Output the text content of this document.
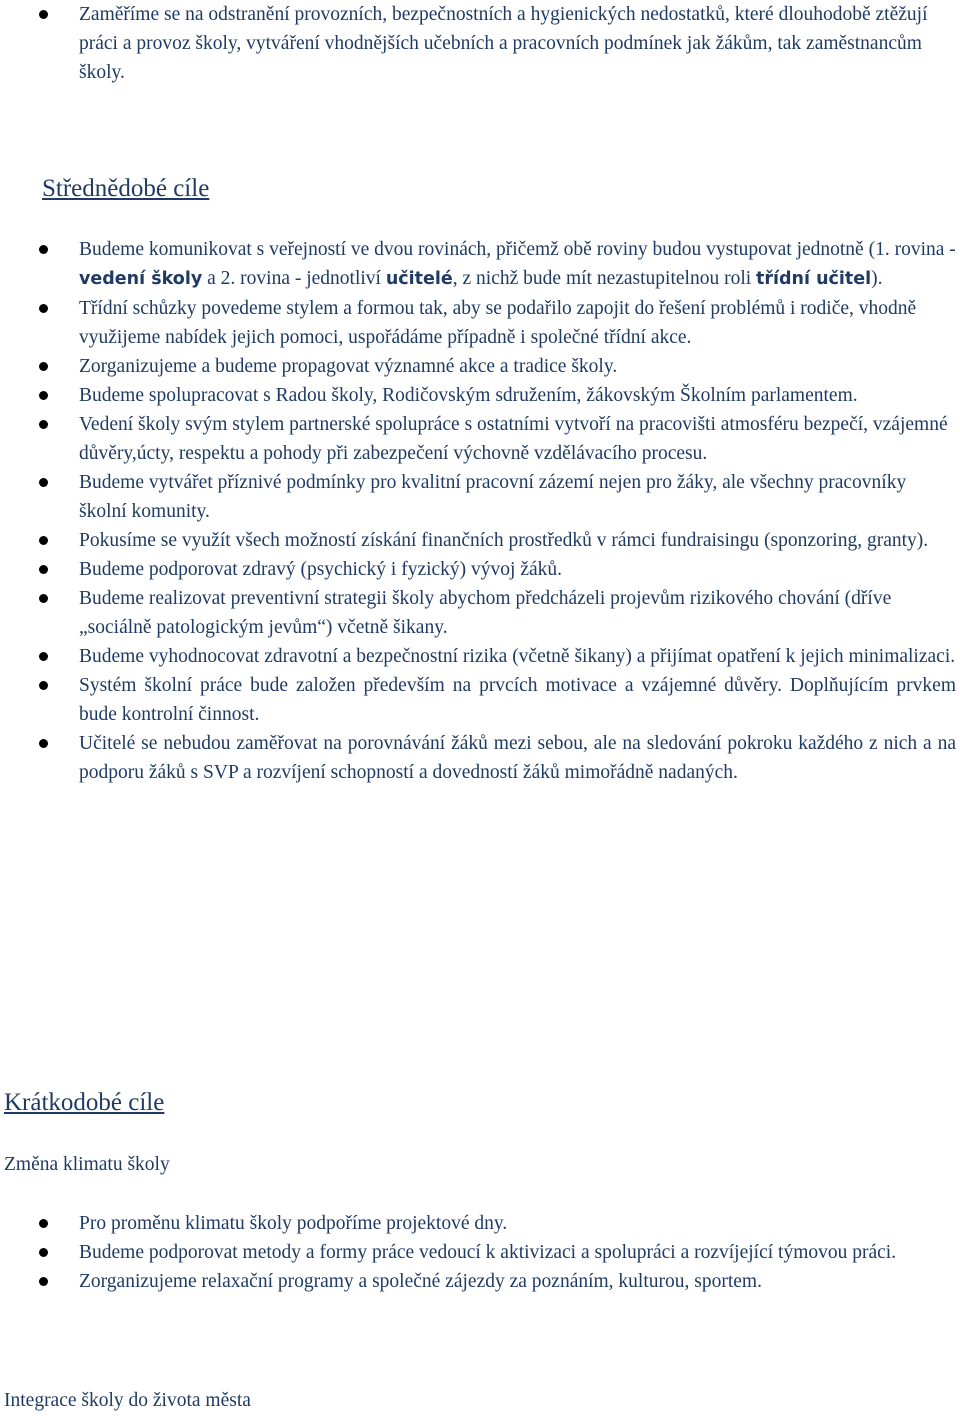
Zaměříme se na odstranění provozních, bezpečnostních a hygienických nedostatků, které dlouhodobě ztěžují práci a provoz školy, vytváření vhodnějších učebních a pracovních podmínek jak žákům, tak zaměstnancům školy.
Střednědobé cíle
Budeme komunikovat s veřejností ve dvou rovinách, přičemž obě roviny budou vystupovat jednotně (1. rovina - vedení školy a 2. rovina - jednotliví učitelé, z nichž bude mít nezastupitelnou roli třídní učitel).
Třídní schůzky povedeme stylem a formou tak, aby se podařilo zapojit do řešení problémů i rodiče, vhodně využijeme nabídek jejich pomoci, uspořádáme případně i společné třídní akce.
Zorganizujeme a budeme propagovat významné akce a tradice školy.
Budeme spolupracovat s Radou školy, Rodičovským sdružením, žákovským Školním parlamentem.
Vedení školy svým stylem partnerské spolupráce s ostatními vytvoří na pracovišti atmosféru bezpečí, vzájemné důvěry,úcty, respektu a pohody při zabezpečení výchovně vzdělávacího procesu.
Budeme vytvářet příznivé podmínky pro kvalitní pracovní zázemí nejen pro žáky, ale všechny pracovníky školní komunity.
Pokusíme se využít všech možností získání finančních prostředků v rámci fundraisingu (sponzoring, granty).
Budeme podporovat zdravý (psychický i fyzický) vývoj žáků.
Budeme realizovat preventivní strategii školy abychom předcházeli projevům rizikového chování (dříve „sociálně patologickým jevům“) včetně šikany.
Budeme vyhodnocovat zdravotní a bezpečnostní rizika (včetně šikany) a přijímat opatření k jejich minimalizaci.
Systém školní práce bude založen především na prvcích motivace a vzájemné důvěry. Doplňujícím prvkem bude kontrolní činnost.
Učitelé se nebudou zaměřovat na porovnávání žáků mezi sebou, ale na sledování pokroku každého z nich a na podporu žáků s SVP a rozvíjení schopností a dovedností žáků mimořádně nadaných.
Krátkodobé cíle

Změna klimatu školy

Pro proměnu klimatu školy podpoříme projektové dny.
Budeme podporovat metody a formy práce vedoucí k aktivizaci a spolupráci a rozvíjející týmovou práci.
Zorganizujeme relaxační programy a společné zájezdy za poznáním, kulturou, sportem.

Integrace školy do života města
